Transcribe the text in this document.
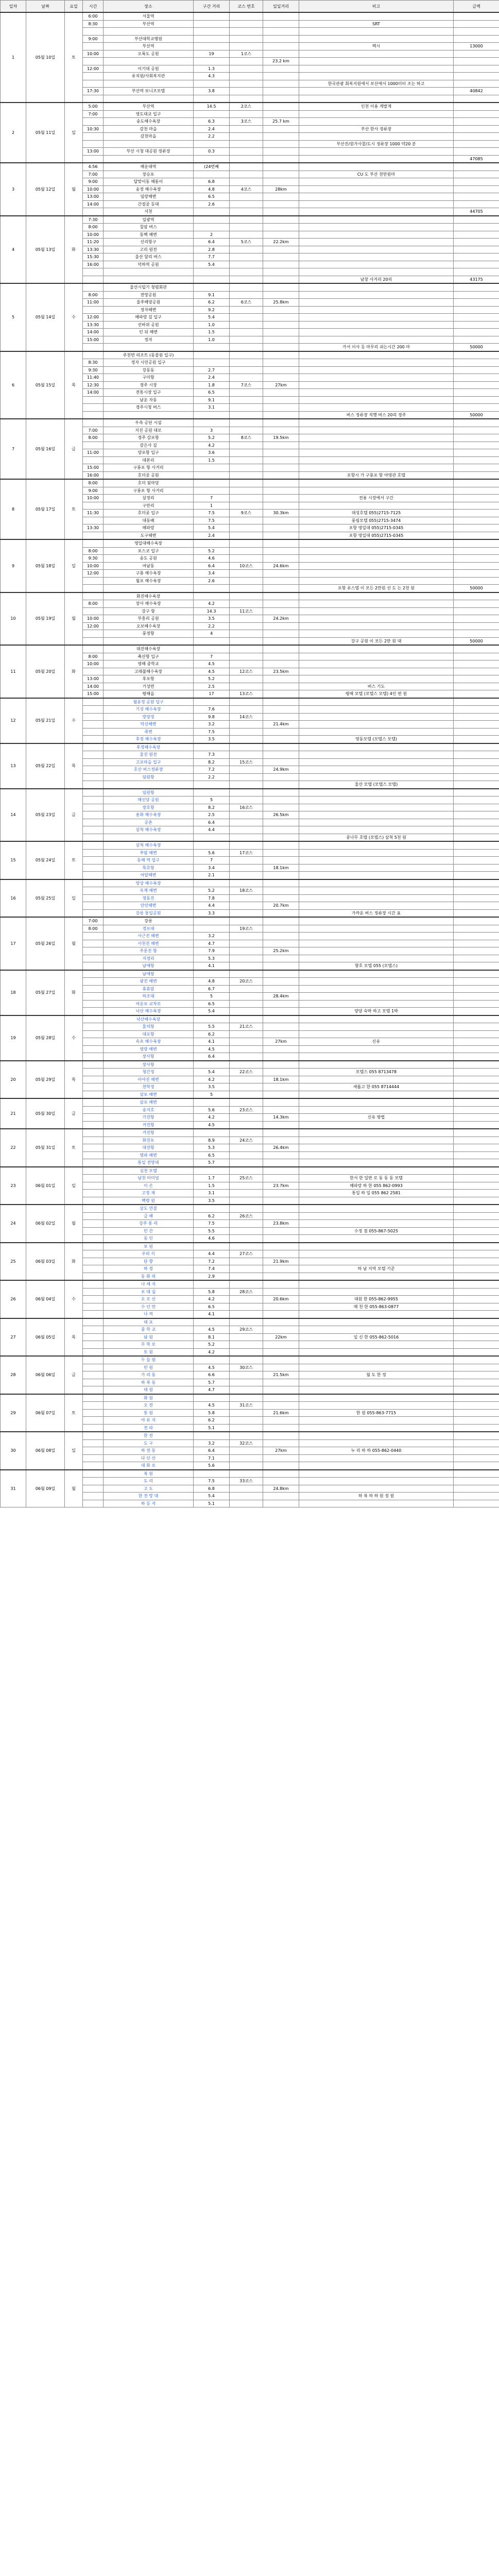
일차	날짜	요일	시간	장소	구간 거리	코스 번호	일일거리	비고	금액
1	05월 10일	토	6:00	서울역					
			8:30	부산역				SRT	

			9:00	부산대학교병원					
				부산역				택시	13000
			10:00	오륙도 공원	19	1코스			
							23.2 km		
			12:00	이기대 공원	1.3				
				유치원/사회복지관	4.3				
								한국관광 회복지원에서 보산에서 1000미터 조는 하고	
			17:30	부산역 보니조모텔	3.8				40842

2	05월 11일	일	5:00	부산역	14.5	2코스		인천 이용 계발계	
			7:00	영도대교 입구					
				송도해수욕장	6.3	3코스	25.7 km		
			10:30	감천 마을	2.4			부산 한사 정류장	
				감천마을	2.2				
								부산진/원가사찰/도시 정류장 1000 약20 분	
			13:00	부산 시청 대공원 정류장	0.3				
									47085
3	05월 12일	월	4:56	해운대역	(24번째				
			7:00	장승포				CU 도 부산 천만원마	
			9:00	달맞이동 해돋이	6.8				
			10:00	송정 해수욕장	4.8	4코스	28km		
			13:00	임랑해변	6.5				
			14:00	간절곶 등대	2.6				
				서천					44705
4	05월 13일	화	7:30	일광역					
			8:00	칠암 버스					
			10:00	동백 해변	2				
			11:20	신리항구	6.4	5코스	22.2km		
			13:30	고리 원전	2.8				
			15:30	울산 달리 버스	7.7				
			16:00	덕하역 공원	5.4				

								남창 사거리 20리	43175
5	05월 14일	수		울산시립기 청렴회관					
			8:00	전망공원	9.1				
			11:00	울주해양공원	6.2	6코스	25.8km		
				정자해변	9.2				
			12:00	해파랑 길 입구	5.4				
			13:30	선바위 공원	1.0				
			14:00	인 뒤 해변	1.5				
			15:00	정자	1.0				
								가서 이사 등 마무리 쉬는시간 200 마	50000
6	05월 15일	목		주천면 리조트 (동물원 입구)					
			8:30	정자 시민공원 입구					
			9:30	강동동	2.7				
			11:40	구미항	2.4				
			12:30	경주 시장	1.8	7코스	27km		
			14:00	전통시장 입구	6.5				
				남운 자동	9.1				
				경주시청 버스	3.1				
								버스 정류장 직행 버스 20리 경주	50000
7	05월 16일	금		우측 공단 시설					
			7:00	지진 공원 대로	3				
			8:00	경주 감포항	5.2	8코스	19.5km		
				감은사 길	4.2				
			11:00	양포항 입구	3.6				
				대본리	1.5				
			15:00	구룡포 항 사거리					
			16:00	호미곶 공원				포항시 가 구룡포 항 야영관 호텔	
8	05월 17일	토	8:00	호미 뒷마당					
			9:00	구룡포 항 사거리					
			10:00	삼정리	7			전용 시장에서 구간	
				구만리	1				
			11:30	호미곶 입구	7.5	9코스	30.3km	대성호텔 055)2715-7125	
				대동배	7.5			풍림모텔 055)2715-3474	
			13:30	해파랑	5.4			포항 영일대 055)2715-0345	
				도구해변	2.4			포항 영일대 055)2715-0345	
9	05월 18일	일		영일대해수욕장					
			8:00	포스코 입구	5.2				
			9:30	송도 공원	4.6				
			10:00	여남동	6.4	10코스	24.6km		
			12:00	구룡 해수욕장	3.4				
				월포 해수욕장	2.6				
								포항 유스텔 이 모든 2만원 선 도 는 2천 원	50000
10	05월 19일	월		화진해수욕장					
			8:00	장사 해수욕장	4.2				
				강구 항	14.3	11코스			
			10:00	부흥리 공원	3.5		24.2km		
			12:00	오보해수욕장	2.2				
				풍정항	4				
								강구 공원 이 모든 2만 원 대	50000
11	05월 20일	화		대진해수욕장					
			8:00	축산항 입구	7				
			10:00	영해 중학교	4.5				
				고래불해수욕장	4.5	12코스	23.5km		
			13:00	후포항	5.2				
			14:00	기성면	2.5			버스 기도	
			15:00	평해읍	17	13코스		평해 모텔 (모텔스 모텔) 4인 편 원	
12	05월 21일	수		월송정 공원 입구					
				기성 해수욕장	7.6				
				망양정	9.8	14코스			
				덕신해변	3.2		21.4km		
				죽변	7.5				
				후정 해수욕장	3.5			영동모텔 (모텔스 모텔)	
13	05월 22일	목		후정해수욕장					
				울진 원전	7.3				
				고포마을 입구	8.2	15코스			
				호산 버스정류장	7.2		24.9km		
				임원항	2.2				
								울산 모텔 (모텔스 모텔)	
14	05월 23일	금		임원항					
				해신당 공원	5				
				장호항	8.2	16코스			
				용화 해수욕장	2.5		26.5km		
				궁촌	6.4				
				삼척 해수욕장	4.4				
								콩나무 호텔 (모텔스) 삼척 5천 원	
15	05월 24일	토		삼척 해수욕장					
				추암 해변	5.6	17코스			
				동해 역 입구	7				
				묵호항	3.4		18.1km		
				어달해변	2.1				
16	05월 25일	일		망상 해수욕장					
				옥계 해변	5.2	18코스			
				정동진	7.8				
				안인해변	4.4		20.7km		
				강릉 통일공원	3.3			가까운 버스 정류장 시간 표	
17	05월 26일	월	7:00	강릉					
			8:00	경포대		19코스			
				사근진 해변	3.2				
				사천진 해변	4.7				
				주문진 항	7.9		25.2km		
				지경리	5.3				
				남애항	4.1			향호 모텔 055 (모텔스)	
18	05월 27일	화		남애항					
				광진 해변	4.8	20코스			
				휴휴암	6.7				
				하조대	5		28.4km		
				여운포 교차로	6.5				
				낙산 해수욕장	5.4			양양 숙박 하고 모텔 1박	
19	05월 28일	수		낙산해수욕장					
				물치항	5.5	21코스			
				대포항	6.2				
				속초 해수욕장	4.1		27km	신유	
				영랑 해변	4.5				
				장사항	6.4				
20	05월 29일	목		장사항					
				청간정	5.4	22코스		모텔스 055 8713478	
				아야진 해변	4.2		18.1km		
				천학정	3.5			새롭고 한 055 8714444	
				삼포 해변	5				
21	05월 30일	금		삼포 해변					
				송지호	5.6	23코스			
				가진항	4.2		14.3km	신유 방법	
				거진항	4.5				
22	05월 31일	토		거진항					
				화진포	8.9	24코스			
				대진항	5.3		26.4km		
				명파 해변	6.5				
				통일 전망대	5.7				
23	06월 01일	일		심천 모텔					
				남천 터미널	1.7	25코스		한서 한 일반 로 동 동 동 모텔	
				이 손	1.5		23.7km	해파랑 하 한 055 862-0993	
				고정 재	3.1			통일 하 일 055 862 2581	
				백령 원	3.5				
24	06월 02일	월		삼도 연결					
				금 해	6.2	26코스			
				강주 통 리	7.5		23.8km		
				민 간	5.5			수정 점 055-867-5025	
				동 인	4.6				
25	06월 03일	화		보 원					
				우리 식	4.4	27코스			
				단 향	7.2		21.9km		
				하 경	7.4			하 남 지역 모텔 기준	
				동 화 리	2.9				
26	06월 04일	수		나 세 지					
				포 대 실	5.8	28코스			
				오 로 산	4.2		20.6km	대원 한 055-862-9955	
				수 인 만	6.5			매 천 한 055-863-0877	
				나 적	4.1				
27	06월 05일	목		대 포					
				중 학 교	4.5	29코스			
				남 원	8.1		22km	일 신 한 055-862-5016	
				무 학 로	5.2				
				토 원	4.2				
28	06월 06일	금		두 들 원					
				민 원	4.5	30코스			
				가 리 동	6.6		21.5km	월 도 한 정	
				하 북 동	5.7				
				대 원	4.7				
29	06월 07일	토		화 원					
				오 전	4.5	31코스			
				통 원	5.8		21.6km	한 원 055-863-7715	
				야 유 지	6.2				
				전 라	5.1				
30	06월 08일	일		한 전					
				도 구	3.2	32코스			
				하 전 동	6.4		27km	누 리 하 하 055-862-0440	
				다 인 산	7.1				
				대 화 로	5.6				
31	06월 09일	월		북 원					
				도 리	7.5	33코스			
				고 도	6.8		24.8km		
				한 전 망 대	5.4			하 북 하 하 원 정 원	
				하 등 지	5.1				
